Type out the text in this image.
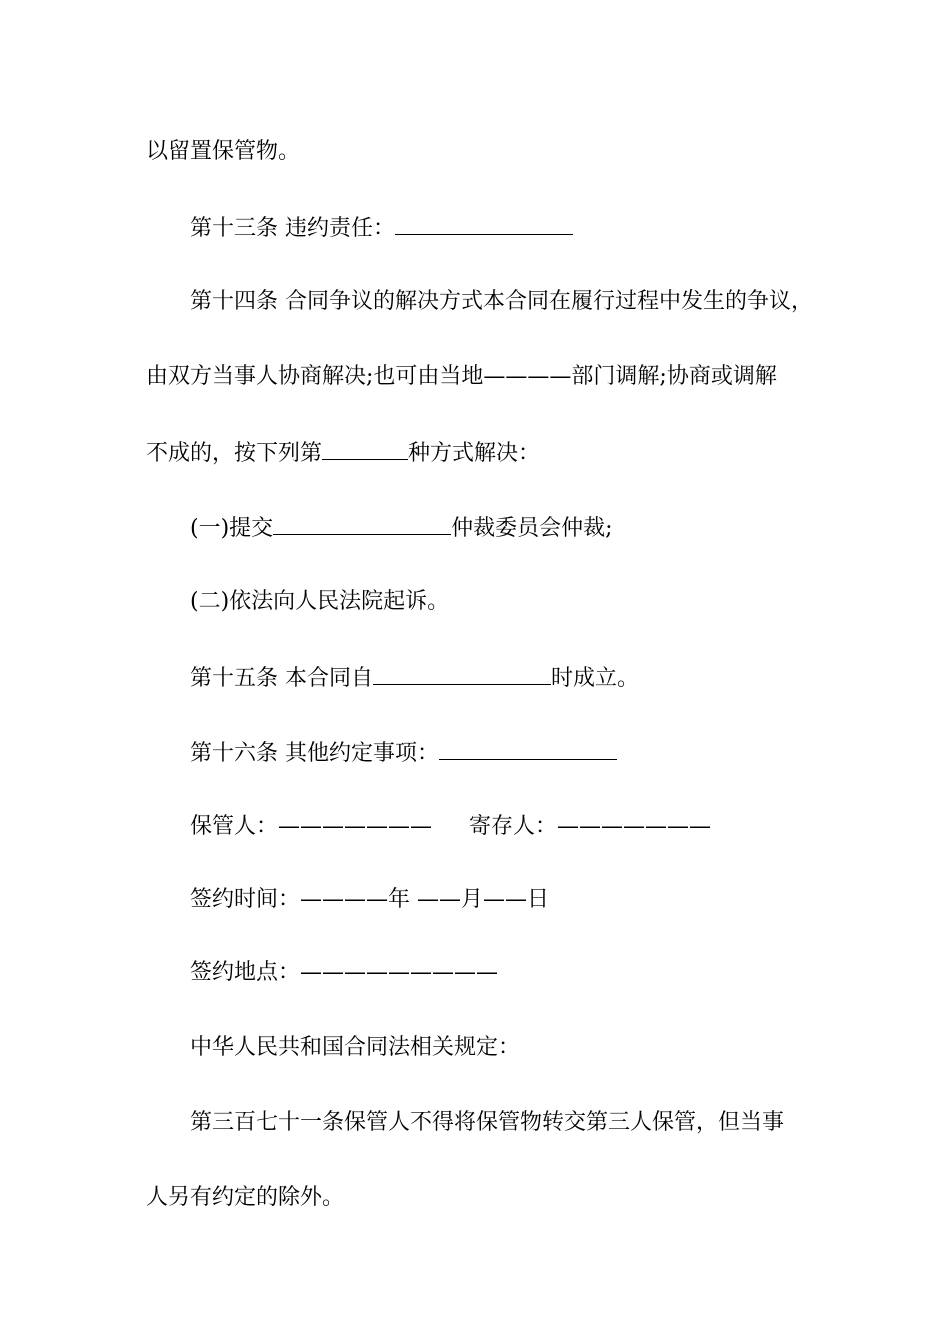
以留置保管物。
第十三条 违约责任：
第十四条 合同争议的解决方式本合同在履行过程中发生的争议，
由双方当事人协商解决;也可由当地————部门调解;协商或调解
不成的，按下列第	种方式解决：
(一)提交	仲裁委员会仲裁;
(二)依法向人民法院起诉。
第十五条 本合同自	时成立。
第十六条 其他约定事项：
保管人：——————— 寄存人：———————
签约时间：————年 ——月——日
签约地点：—————————
中华人民共和国合同法相关规定：
第三百七十一条保管人不得将保管物转交第三人保管，但当事
人另有约定的除外。
